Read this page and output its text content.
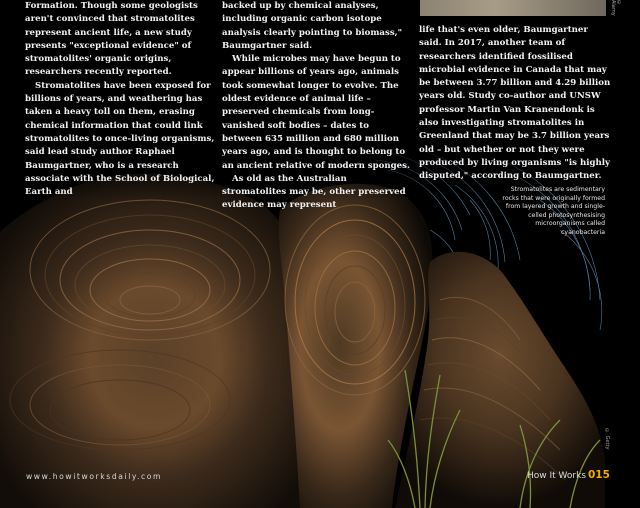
© Alamy

Formation. Though some geologists aren't convinced that stromatolites represent ancient life, a new study presents "exceptional evidence" of stromatolites' organic origins, researchers recently reported.

Stromatolites have been exposed for billions of years, and weathering has taken a heavy toll on them, erasing chemical information that could link stromatolites to once-living organisms, said lead study author Raphael Baumgartner, who is a research associate with the School of Biological, Earth and

backed up by chemical analyses, including organic carbon isotope analysis clearly pointing to biomass," Baumgartner said.

While microbes may have begun to appear billions of years ago, animals took somewhat longer to evolve. The oldest evidence of animal life – preserved chemicals from long-vanished soft bodies – dates to between 635 million and 680 million years ago, and is thought to belong to an ancient relative of modern sponges.

As old as the Australian stromatolites may be, other preserved evidence may represent

life that's even older, Baumgartner said. In 2017, another team of researchers identified fossilised microbial evidence in Canada that may be between 3.77 billion and 4.29 billion years old. Study co-author and UNSW professor Martin Van Kranendonk is also investigating stromatolites in Greenland that may be 3.7 billion years old – but whether or not they were produced by living organisms "is highly disputed," according to Baumgartner.

Stromatolites are sedimentary rocks that were originally formed from layered growth and single-celled photosynthesising microorganisms called cyanobacteria
© Getty
www.howitworksdaily.com	How It Works 015
